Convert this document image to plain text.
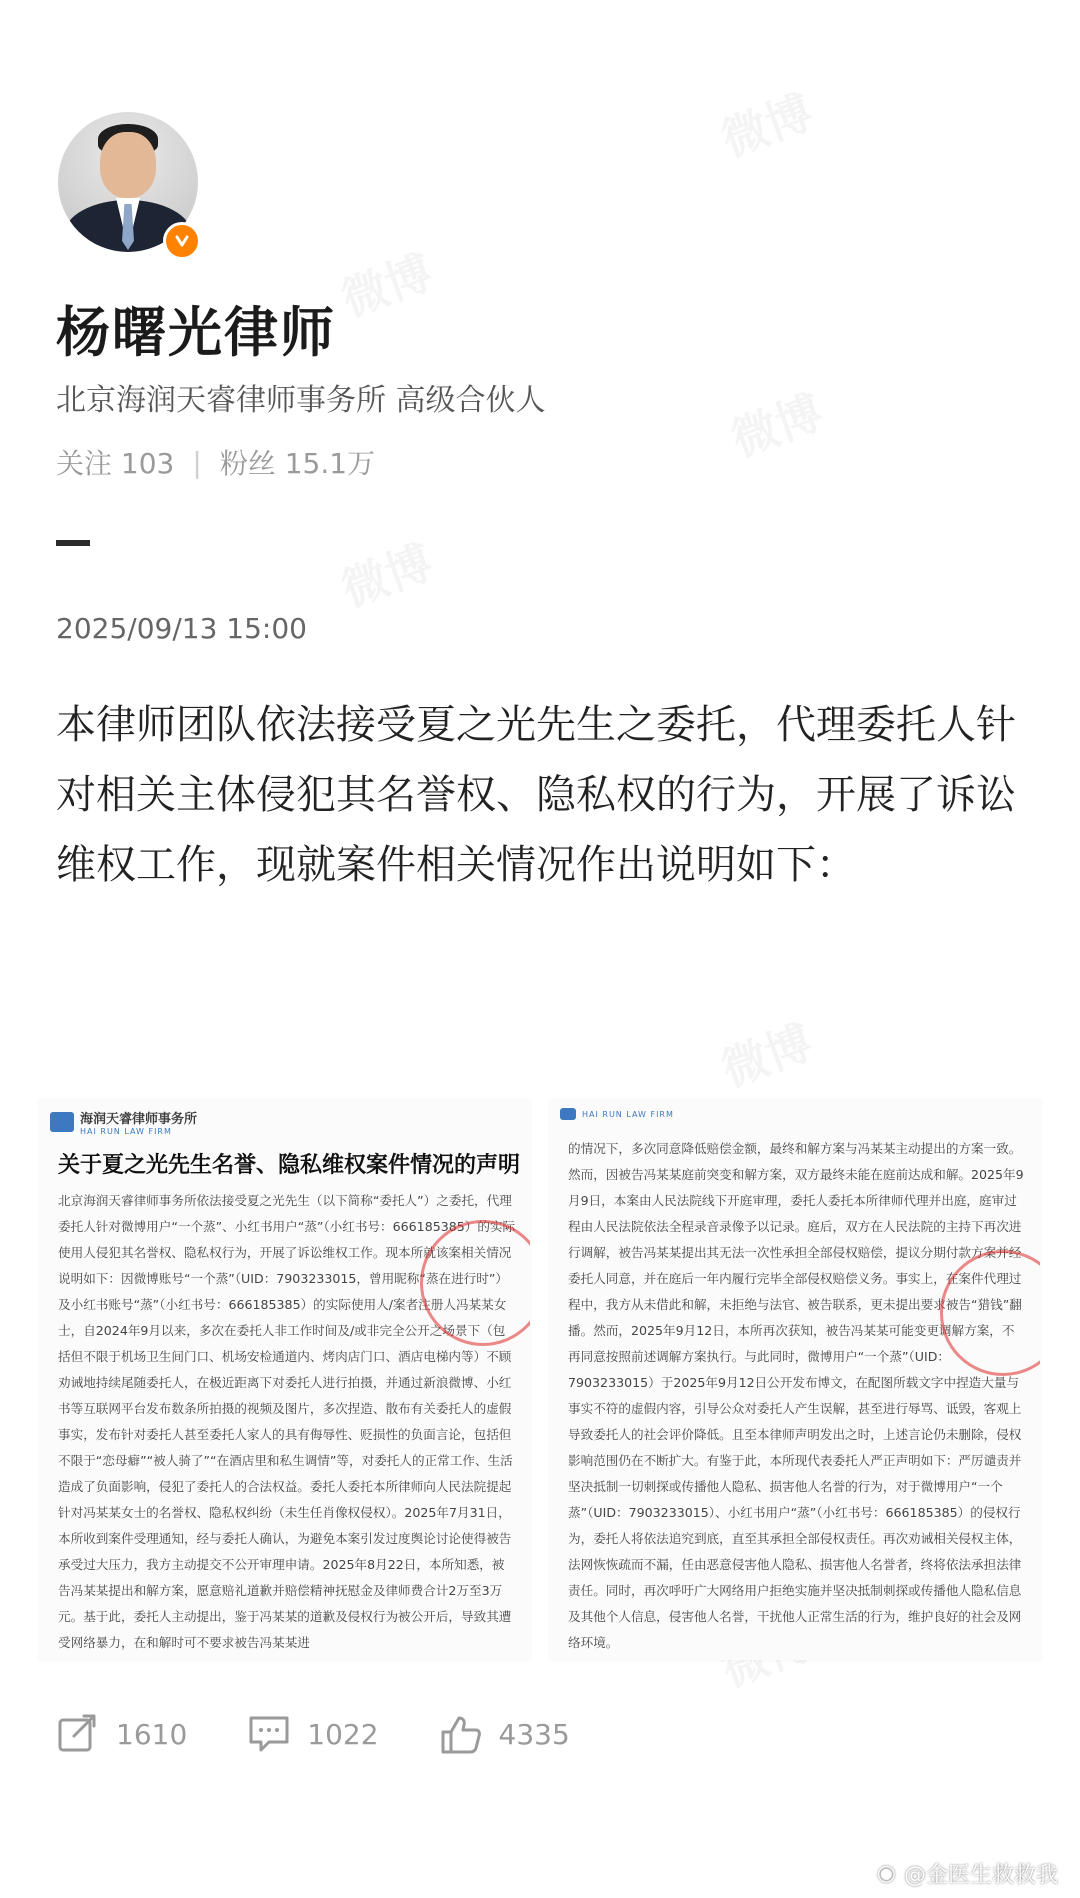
杨曙光律师
北京海润天睿律师事务所 高级合伙人
关注 103 | 粉丝 15.1万
2025/09/13 15:00
本律师团队依法接受夏之光先生之委托，代理委托人针对相关主体侵犯其名誉权、隐私权的行为，开展了诉讼维权工作，现就案件相关情况作出说明如下：
海润天睿律师事务所
HAI RUN LAW FIRM
关于夏之光先生名誉、隐私维权案件情况的声明
北京海润天睿律师事务所依法接受夏之光先生（以下简称“委托人”）之委托，代理委托人针对微博用户“一个蒸”、小红书用户“蒸”（小红书号：666185385）的实际使用人侵犯其名誉权、隐私权行为，开展了诉讼维权工作。现本所就该案相关情况说明如下：因微博账号“一个蒸”（UID：7903233015，曾用昵称“蒸在进行时”）及小红书账号“蒸”（小红书号：666185385）的实际使用人/案者注册人冯某某女士，自2024年9月以来，多次在委托人非工作时间及/或非完全公开之场景下（包括但不限于机场卫生间门口、机场安检通道内、烤肉店门口、酒店电梯内等）不顾劝诫地持续尾随委托人，在极近距离下对委托人进行拍摄，并通过新浪微博、小红书等互联网平台发布数条所拍摄的视频及图片，多次捏造、散布有关委托人的虚假事实，发布针对委托人甚至委托人家人的具有侮辱性、贬损性的负面言论，包括但不限于“恋母癖”“被人骑了”“在酒店里和私生调情”等，对委托人的正常工作、生活造成了负面影响，侵犯了委托人的合法权益。委托人委托本所律师向人民法院提起针对冯某某女士的名誉权、隐私权纠纷（未生任肖像权侵权）。2025年7月31日，本所收到案件受理通知，经与委托人确认，为避免本案引发过度舆论讨论使得被告承受过大压力，我方主动提交不公开审理申请。2025年8月22日，本所知悉，被告冯某某提出和解方案，愿意赔礼道歉并赔偿精神抚慰金及律师费合计2万至3万元。基于此，委托人主动提出，鉴于冯某某的道歉及侵权行为被公开后，导致其遭受网络暴力，在和解时可不要求被告冯某某进
HAI RUN LAW FIRM
的情况下，多次同意降低赔偿金额，最终和解方案与冯某某主动提出的方案一致。然而，因被告冯某某庭前突变和解方案，双方最终未能在庭前达成和解。2025年9月9日，本案由人民法院线下开庭审理，委托人委托本所律师代理并出庭，庭审过程由人民法院依法全程录音录像予以记录。庭后，双方在人民法院的主持下再次进行调解，被告冯某某提出其无法一次性承担全部侵权赔偿，提议分期付款方案并经委托人同意，并在庭后一年内履行完毕全部侵权赔偿义务。事实上，在案件代理过程中，我方从未借此和解，未拒绝与法官、被告联系，更未提出要求被告“猎钱”翻播。然而，2025年9月12日，本所再次获知，被告冯某某可能变更调解方案，不再同意按照前述调解方案执行。与此同时，微博用户“一个蒸”（UID：7903233015）于2025年9月12日公开发布博文，在配图所载文字中捏造大量与事实不符的虚假内容，引导公众对委托人产生误解，甚至进行辱骂、诋毁，客观上导致委托人的社会评价降低。且至本律师声明发出之时，上述言论仍未删除，侵权影响范围仍在不断扩大。有鉴于此，本所现代表委托人严正声明如下：严厉谴责并坚决抵制一切刺探或传播他人隐私、损害他人名誉的行为，对于微博用户“一个蒸”（UID：7903233015）、小红书用户“蒸”（小红书号：666185385）的侵权行为，委托人将依法追究到底，直至其承担全部侵权责任。再次劝诫相关侵权主体，法网恢恢疏而不漏，任由恶意侵害他人隐私、损害他人名誉者，终将依法承担法律责任。同时，再次呼吁广大网络用户拒绝实施并坚决抵制刺探或传播他人隐私信息及其他个人信息，侵害他人名誉，干扰他人正常生活的行为，维护良好的社会及网络环境。
1610	1022	4335
◉ @金医生救救我
